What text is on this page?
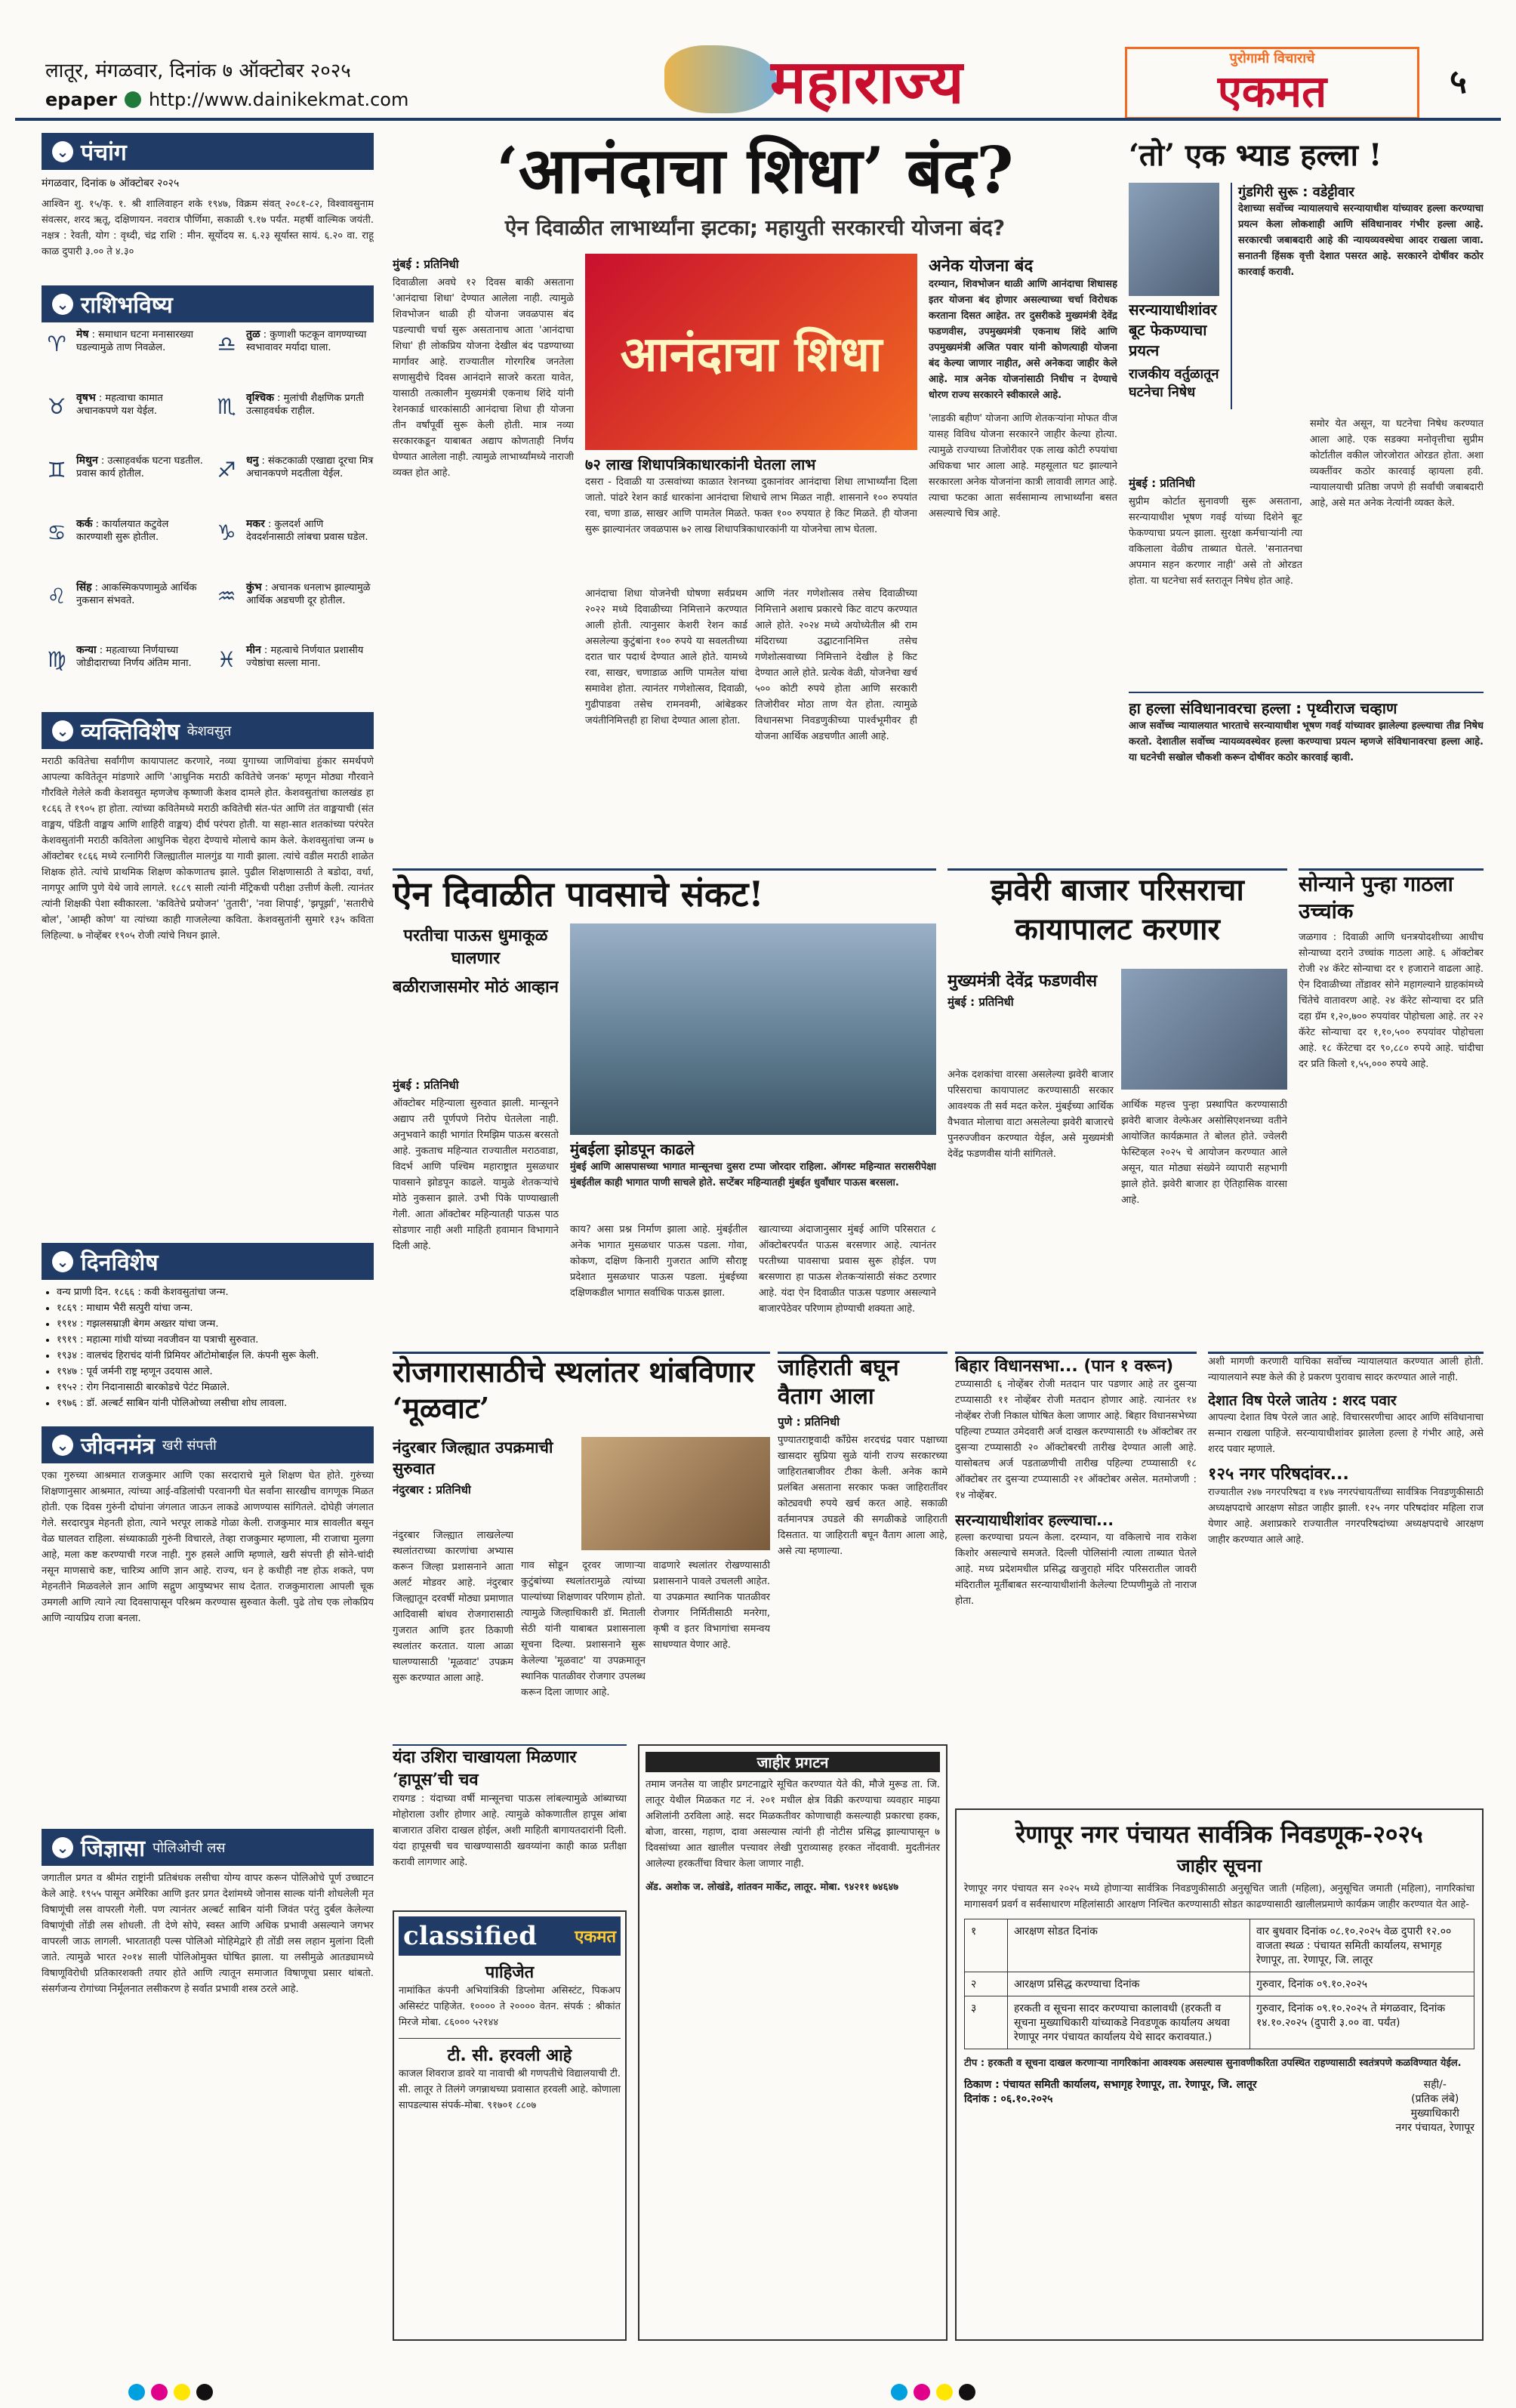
लातूर, मंगळवार, दिनांक ७ ऑक्टोबर २०२५
epaper http://www.dainikekmat.com	महाराज्य	पुरोगामी विचाराचे
एकमत	५
⌄ पंचांग
मंगळवार, दिनांक ७ ऑक्टोबर २०२५
आश्विन शु. १५/कृ. १. श्री शालिवाहन शके १९४७, विक्रम संवत् २०८१-८२, विश्वावसुनाम संवत्सर, शरद ऋतू, दक्षिणायन. नवरात्र पौर्णिमा, सकाळी ९.१७ पर्यंत. महर्षी वाल्मिक जयंती. नक्षत्र : रेवती, योग : वृध्दी, चंद्र राशि : मीन. सूर्योदय स. ६.२३ सूर्यास्त सायं. ६.२० वा. राहू काळ दुपारी ३.०० ते ४.३०
⌄ राशिभविष्य
♈ मेष : समाधान घटना मनासारख्या घडल्यामुळे ताण निवळेल.	♎ तुळ : कुणाशी फटकून वागण्याच्या स्वभावावर मर्यादा घाला.
♉ वृषभ : महत्वाचा कामात अचानकपणे यश येईल.	♏ वृश्चिक : मुलांची शैक्षणिक प्रगती उत्साहवर्धक राहील.
♊ मिथुन : उत्साहवर्धक घटना घडतील. प्रवास कार्य होतील.	♐ धनु : संकटकाळी एखाद्या दूरचा मित्र अचानकपणे मदतीला येईल.
♋ कर्क : कार्यालयात कटुवेल कारण्याशी सुरू होतील.	♑ मकर : कुलदर्श आणि देवदर्शनासाठी लांबचा प्रवास घडेल.
♌ सिंह : आकस्मिकपणामुळे आर्थिक नुकसान संभवते.	♒ कुंभ : अचानक धनलाभ झाल्यामुळे आर्थिक अडचणी दूर होतील.
♍ कन्या : महत्वाच्या निर्णयाच्या जोडीदाराच्या निर्णय अंतिम माना.	♓ मीन : महत्वाचे निर्णयात प्रशासीय ज्येष्ठांचा सल्ला माना.
⌄ व्यक्तिविशेष केशवसुत
मराठी कवितेचा सर्वांगीण कायापालट करणारे, नव्या युगाच्या जाणिवांचा हुंकार समर्थपणे आपल्या कवितेतून मांडणारे आणि 'आधुनिक मराठी कवितेचे जनक' म्हणून मोठ्या गौरवाने गौरविले गेलेले कवी केशवसुत म्हणजेच कृष्णाजी केशव दामले होत. केशवसुतांचा कालखंड हा १८६६ ते १९०५ हा होता. त्यांच्या कवितेमध्ये मराठी कवितेची संत-पंत आणि तंत वाङ्मयाची (संत वाङ्मय, पंडिती वाङ्मय आणि शाहिरी वाङ्मय) दीर्घ परंपरा होती. या सहा-सात शतकांच्या परंपरेत केशवसुतांनी मराठी कवितेला आधुनिक चेहरा देण्याचे मोलाचे काम केले. केशवसुतांचा जन्म ७ ऑक्टोबर १८६६ मध्ये रत्नागिरी जिल्ह्यातील मालगुंड या गावी झाला. त्यांचे वडील मराठी शाळेत शिक्षक होते. त्यांचे प्राथमिक शिक्षण कोकणातच झाले. पुढील शिक्षणासाठी ते बडोदा, वर्धा, नागपूर आणि पुणे येथे जावे लागले. १८८९ साली त्यांनी मॅट्रिकची परीक्षा उत्तीर्ण केली. त्यानंतर त्यांनी शिक्षकी पेशा स्वीकारला. 'कवितेचे प्रयोजन' 'तुतारी', 'नवा शिपाई', 'झपूर्झा', 'सतारीचे बोल', 'आम्ही कोण' या त्यांच्या काही गाजलेल्या कविता. केशवसुतांनी सुमारे १३५ कविता लिहिल्या. ७ नोव्हेंबर १९०५ रोजी त्यांचे निधन झाले.
⌄ दिनविशेष
• वन्य प्राणी दिन. १८६६ : कवी केशवसुतांचा जन्म.
• १८६९ : माधाम भैरी सत्पुरी यांचा जन्म.
• १९१४ : गझलसम्राज्ञी बेगम अख्तर यांचा जन्म.
• १९१९ : महात्मा गांधी यांच्या नवजीवन या पत्राची सुरुवात.
• १९३४ : वालचंद हिराचंद यांनी प्रिमियर ऑटोमोबाईल लि. कंपनी सुरू केली.
• १९४७ : पूर्व जर्मनी राष्ट्र म्हणून उदयास आले.
• १९५२ : रोग निदानासाठी बारकोडचे पेटंट मिळाले.
• १९७६ : डॉ. अल्बर्ट साबिन यांनी पोलिओच्या लसीचा शोध लावला.
⌄ जीवनमंत्र खरी संपत्ती
एका गुरुच्या आश्रमात राजकुमार आणि एका सरदाराचे मुले शिक्षण घेत होते. गुरुंच्या शिक्षणानुसार आश्रमात, त्यांच्या आई-वडिलांची परवानगी घेत सर्वांना सारखीच वागणूक मिळत होती. एक दिवस गुरुंनी दोघांना जंगलात जाऊन लाकडे आणण्यास सांगितले. दोघेही जंगलात गेले. सरदारपुत्र मेहनती होता, त्याने भरपूर लाकडे गोळा केली. राजकुमार मात्र सावलीत बसून वेळ घालवत राहिला. संध्याकाळी गुरुंनी विचारले, तेव्हा राजकुमार म्हणाला, मी राजाचा मुलगा आहे, मला कष्ट करण्याची गरज नाही. गुरु हसले आणि म्हणाले, खरी संपत्ती ही सोने-चांदी नसून माणसाचे कष्ट, चारित्र्य आणि ज्ञान आहे. राज्य, धन हे कधीही नष्ट होऊ शकते, पण मेहनतीने मिळवलेले ज्ञान आणि सद्गुण आयुष्यभर साथ देतात. राजकुमाराला आपली चूक उमगली आणि त्याने त्या दिवसापासून परिश्रम करण्यास सुरुवात केली. पुढे तोच एक लोकप्रिय आणि न्यायप्रिय राजा बनला.
⌄ जिज्ञासा पोलिओची लस
जगातील प्रगत व श्रीमंत राष्ट्रांनी प्रतिबंधक लसीचा योग्य वापर करून पोलिओचे पूर्ण उच्चाटन केले आहे. १९५५ पासून अमेरिका आणि इतर प्रगत देशांमध्ये जोनास साल्क यांनी शोधलेली मृत विषाणूंची लस वापरली गेली. पण त्यानंतर अल्बर्ट साबिन यांनी जिवंत परंतु दुर्बल केलेल्या विषाणूंची तोंडी लस शोधली. ती देणे सोपे, स्वस्त आणि अधिक प्रभावी असल्याने जगभर वापरली जाऊ लागली. भारतातही पल्स पोलिओ मोहिमेद्वारे ही तोंडी लस लहान मुलांना दिली जाते. त्यामुळे भारत २०१४ साली पोलिओमुक्त घोषित झाला. या लसीमुळे आतड्यामध्ये विषाणूविरोधी प्रतिकारशक्ती तयार होते आणि त्यातून समाजात विषाणूचा प्रसार थांबतो. संसर्गजन्य रोगांच्या निर्मूलनात लसीकरण हे सर्वात प्रभावी शस्त्र ठरले आहे.
‘आनंदाचा शिधा’ बंद?
ऐन दिवाळीत लाभार्थ्यांना झटका; महायुती सरकारची योजना बंद?
मुंबई : प्रतिनिधी
दिवाळीला अवघे १२ दिवस बाकी असताना 'आनंदाचा शिधा' देण्यात आलेला नाही. त्यामुळे शिवभोजन थाळी ही योजना जवळपास बंद पडल्याची चर्चा सुरू असतानाच आता 'आनंदाचा शिधा' ही लोकप्रिय योजना देखील बंद पडण्याच्या मार्गावर आहे. राज्यातील गोरगरिब जनतेला सणासुदीचे दिवस आनंदाने साजरे करता यावेत, यासाठी तत्कालीन मुख्यमंत्री एकनाथ शिंदे यांनी रेशनकार्ड धारकांसाठी आनंदाचा शिधा ही योजना तीन वर्षांपूर्वी सुरू केली होती. मात्र नव्या सरकारकडून याबाबत अद्याप कोणताही निर्णय घेण्यात आलेला नाही. त्यामुळे लाभार्थ्यांमध्ये नाराजी व्यक्त होत आहे.
आनंदाचा शिधा
७२ लाख शिधापत्रिकाधारकांनी घेतला लाभ
दसरा - दिवाळी या उत्सवांच्या काळात रेशनच्या दुकानांवर आनंदाचा शिधा लाभार्थ्यांना दिला जातो. पांढरे रेशन कार्ड धारकांना आनंदाचा शिधाचे लाभ मिळत नाही. शासनाने १०० रुपयांत रवा, चणा डाळ, साखर आणि पामतेल मिळते. फक्त १०० रुपयात हे किट मिळते. ही योजना सुरू झाल्यानंतर जवळपास ७२ लाख शिधापत्रिकाधारकांनी या योजनेचा लाभ घेतला.
आनंदाचा शिधा योजनेची घोषणा सर्वप्रथम २०२२ मध्ये दिवाळीच्या निमित्ताने करण्यात आली होती. त्यानुसार केशरी रेशन कार्ड असलेल्या कुटुंबांना १०० रुपये या सवलतीच्या दरात चार पदार्थ देण्यात आले होते. यामध्ये रवा, साखर, चणाडाळ आणि पामतेल यांचा समावेश होता. त्यानंतर गणेशोत्सव, दिवाळी, गुढीपाडवा तसेच रामनवमी, आंबेडकर जयंतीनिमित्तही हा शिधा देण्यात आला होता.
आणि नंतर गणेशोत्सव तसेच दिवाळीच्या निमित्ताने अशाच प्रकारचे किट वाटप करण्यात आले होते. २०२४ मध्ये अयोध्येतील श्री राम मंदिराच्या उद्घाटनानिमित्त तसेच गणेशोत्सवाच्या निमित्ताने देखील हे किट देण्यात आले होते. प्रत्येक वेळी, योजनेचा खर्च ५०० कोटी रुपये होता आणि सरकारी तिजोरीवर मोठा ताण येत होता. त्यामुळे विधानसभा निवडणुकीच्या पार्श्वभूमीवर ही योजना आर्थिक अडचणीत आली आहे.
अनेक योजना बंद
दरम्यान, शिवभोजन थाळी आणि आनंदाचा शिधासह इतर योजना बंद होणार असल्याच्या चर्चा विरोधक करताना दिसत आहेत. तर दुसरीकडे मुख्यमंत्री देवेंद्र फडणवीस, उपमुख्यमंत्री एकनाथ शिंदे आणि उपमुख्यमंत्री अजित पवार यांनी कोणत्याही योजना बंद केल्या जाणार नाहीत, असे अनेकदा जाहीर केले आहे. मात्र अनेक योजनांसाठी निधीच न देण्याचे धोरण राज्य सरकारने स्वीकारले आहे.
'लाडकी बहीण' योजना आणि शेतकऱ्यांना मोफत वीज यासह विविध योजना सरकारने जाहीर केल्या होत्या. त्यामुळे राज्याच्या तिजोरीवर एक लाख कोटी रुपयांचा अधिकचा भार आला आहे. महसूलात घट झाल्याने सरकारला अनेक योजनांना कात्री लावावी लागत आहे. त्याचा फटका आता सर्वसामान्य लाभार्थ्यांना बसत असल्याचे चित्र आहे.
‘तो’ एक भ्याड हल्ला !
गुंडगिरी सुरू : वडेट्टीवार
देशाच्या सर्वोच्च न्यायालयाचे सरन्यायाधीश यांच्यावर हल्ला करण्याचा प्रयत्न केला लोकशाही आणि संविधानावर गंभीर हल्ला आहे. सरकारची जबाबदारी आहे की न्यायव्यवस्थेचा आदर राखला जावा. सनातनी हिंसक वृत्ती देशात पसरत आहे. सरकारने दोषींवर कठोर कारवाई करावी.
सरन्यायाधीशांवर बूट फेकण्याचा प्रयत्न
राजकीय वर्तुळातून घटनेचा निषेध
मुंबई : प्रतिनिधी
सुप्रीम कोर्टात सुनावणी सुरू असताना, सरन्यायाधीश भूषण गवई यांच्या दिशेने बूट फेकण्याचा प्रयत्न झाला. सुरक्षा कर्मचाऱ्यांनी त्या वकिलाला वेळीच ताब्यात घेतले. 'सनातनचा अपमान सहन करणार नाही' असे तो ओरडत होता. या घटनेचा सर्व स्तरातून निषेध होत आहे.
समोर येत असून, या घटनेचा निषेध करण्यात आला आहे. एक सडक्या मनोवृत्तीचा सुप्रीम कोर्टातील वकील जोरजोरात ओरडत होता. अशा व्यक्तींवर कठोर कारवाई व्हायला हवी. न्यायालयाची प्रतिष्ठा जपणे ही सर्वांची जबाबदारी आहे, असे मत अनेक नेत्यांनी व्यक्त केले.
हा हल्ला संविधानावरचा हल्ला : पृथ्वीराज चव्हाण
आज सर्वोच्च न्यायालयात भारताचे सरन्यायाधीश भूषण गवई यांच्यावर झालेल्या हल्ल्याचा तीव्र निषेध करतो. देशातील सर्वोच्च न्यायव्यवस्थेवर हल्ला करण्याचा प्रयत्न म्हणजे संविधानावरचा हल्ला आहे. या घटनेची सखोल चौकशी करून दोषींवर कठोर कारवाई व्हावी.
ऐन दिवाळीत पावसाचे संकट!
परतीचा पाऊस धुमाकूळ घालणार
बळीराजासमोर मोठं आव्हान
मुंबई : प्रतिनिधी
ऑक्टोबर महिन्याला सुरुवात झाली. मान्सूनने अद्याप तरी पूर्णपणे निरोप घेतलेला नाही. अनुभवाने काही भागांत रिमझिम पाऊस बरसतो आहे. नुकताच महिन्यात राज्यातील मराठवाडा, विदर्भ आणि पश्चिम महाराष्ट्रात मुसळधार पावसाने झोडपून काढले. यामुळे शेतकऱ्यांचे मोठे नुकसान झाले. उभी पिके पाण्याखाली गेली. आता ऑक्टोबर महिन्यातही पाऊस पाठ सोडणार नाही अशी माहिती हवामान विभागाने दिली आहे.
मुंबईला झोडपून काढले
मुंबई आणि आसपासच्या भागात मान्सूनचा दुसरा टप्पा जोरदार राहिला. ऑगस्ट महिन्यात सरासरीपेक्षा मुंबईतील काही भागात पाणी साचले होते. सप्टेंबर महिन्यातही मुंबईत धुवाँधार पाऊस बरसला.
काय? असा प्रश्न निर्माण झाला आहे. मुंबईतील अनेक भागात मुसळधार पाऊस पडला. गोवा, कोकण, दक्षिण किनारी गुजरात आणि सौराष्ट्र प्रदेशात मुसळधार पाऊस पडला. मुंबईच्या दक्षिणकडील भागात सर्वाधिक पाऊस झाला.
खात्याच्या अंदाजानुसार मुंबई आणि परिसरात ८ ऑक्टोबरपर्यंत पाऊस बरसणार आहे. त्यानंतर परतीच्या पावसाचा प्रवास सुरू होईल. पण बरसणारा हा पाऊस शेतकऱ्यांसाठी संकट ठरणार आहे. यंदा ऐन दिवाळीत पाऊस पडणार असल्याने बाजारपेठेवर परिणाम होण्याची शक्यता आहे.
झवेरी बाजार परिसराचा कायापालट करणार
मुख्यमंत्री देवेंद्र फडणवीस
मुंबई : प्रतिनिधी
अनेक दशकांचा वारसा असलेल्या झवेरी बाजार परिसराचा कायापालट करण्यासाठी सरकार आवश्यक ती सर्व मदत करेल. मुंबईच्या आर्थिक वैभवात मोलाचा वाटा असलेल्या झवेरी बाजारचे पुनरुज्जीवन करण्यात येईल, असे मुख्यमंत्री देवेंद्र फडणवीस यांनी सांगितले.
आर्थिक महत्त्व पुन्हा प्रस्थापित करण्यासाठी झवेरी बाजार वेल्फेअर असोसिएशनच्या वतीने आयोजित कार्यक्रमात ते बोलत होते. ज्वेलरी फेस्टिव्हल २०२५ चे आयोजन करण्यात आले असून, यात मोठ्या संख्येने व्यापारी सहभागी झाले होते. झवेरी बाजार हा ऐतिहासिक वारसा आहे.
सोन्याने पुन्हा गाठला उच्चांक
जळगाव : दिवाळी आणि धनत्रयोदशीच्या आधीच सोन्याच्या दराने उच्चांक गाठला आहे. ६ ऑक्टोबर रोजी २४ कॅरेट सोन्याचा दर १ हजाराने वाढला आहे. ऐन दिवाळीच्या तोंडावर सोने महागल्याने ग्राहकांमध्ये चिंतेचे वातावरण आहे. २४ कॅरेट सोन्याचा दर प्रति दहा ग्रॅम १,२०,७०० रुपयांवर पोहोचला आहे. तर २२ कॅरेट सोन्याचा दर १,१०,५०० रुपयांवर पोहोचला आहे. १८ कॅरेटचा दर ९०,८८० रुपये आहे. चांदीचा दर प्रति किलो १,५५,००० रुपये आहे.
रोजगारासाठीचे स्थलांतर थांबविणार ‘मूळवाट’
नंदुरबार जिल्ह्यात उपक्रमाची सुरुवात
नंदुरबार : प्रतिनिधी
नंदुरबार जिल्ह्यात लाखलेल्या स्थलांतराच्या कारणांचा अभ्यास करून जिल्हा प्रशासनाने आता अलर्ट मोडवर आहे. नंदुरबार जिल्ह्यातून दरवर्षी मोठ्या प्रमाणात आदिवासी बांधव रोजगारासाठी गुजरात आणि इतर ठिकाणी स्थलांतर करतात. याला आळा घालण्यासाठी 'मूळवाट' उपक्रम सुरू करण्यात आला आहे.
गाव सोडून दूरवर जाणाऱ्या कुटुंबांच्या स्थलांतरामुळे त्यांच्या पाल्यांच्या शिक्षणावर परिणाम होतो. त्यामुळे जिल्हाधिकारी डॉ. मिताली सेठी यांनी याबाबत प्रशासनाला सूचना दिल्या. प्रशासनाने सुरू केलेल्या 'मूळवाट' या उपक्रमातून स्थानिक पातळीवर रोजगार उपलब्ध करून दिला जाणार आहे.
वाढणारे स्थलांतर रोखण्यासाठी प्रशासनाने पावले उचलली आहेत. या उपक्रमात स्थानिक पातळीवर रोजगार निर्मितीसाठी मनरेगा, कृषी व इतर विभागांचा समन्वय साधण्यात येणार आहे.
जाहिराती बघून वैताग आला
पुणे : प्रतिनिधी
पुण्यातराष्ट्रवादी काँग्रेस शरदचंद्र पवार पक्षाच्या खासदार सुप्रिया सुळे यांनी राज्य सरकारच्या जाहिरातबाजीवर टीका केली. अनेक कामे प्रलंबित असताना सरकार फक्त जाहिरातींवर कोट्यवधी रुपये खर्च करत आहे. सकाळी वर्तमानपत्र उघडले की सगळीकडे जाहिराती दिसतात. या जाहिराती बघून वैताग आला आहे, असे त्या म्हणाल्या.
बिहार विधानसभा... (पान १ वरून)
टप्प्यासाठी ६ नोव्हेंबर रोजी मतदान पार पडणार आहे तर दुसऱ्या टप्प्यासाठी ११ नोव्हेंबर रोजी मतदान होणार आहे. त्यानंतर १४ नोव्हेंबर रोजी निकाल घोषित केला जाणार आहे. बिहार विधानसभेच्या पहिल्या टप्प्यात उमेदवारी अर्ज दाखल करण्यासाठी १७ ऑक्टोबर तर दुसऱ्या टप्प्यासाठी २० ऑक्टोबरची तारीख देण्यात आली आहे. यासोबतच अर्ज पडताळणीची तारीख पहिल्या टप्प्यासाठी १८ ऑक्टोबर तर दुसऱ्या टप्प्यासाठी २१ ऑक्टोबर असेल. मतमोजणी : १४ नोव्हेंबर.
सरन्यायाधीशांवर हल्ल्याचा...
हल्ला करण्याचा प्रयत्न केला. दरम्यान, या वकिलाचे नाव राकेश किशोर असल्याचे समजते. दिल्ली पोलिसांनी त्याला ताब्यात घेतले आहे. मध्य प्रदेशमधील प्रसिद्ध खजुराहो मंदिर परिसरातील जावरी मंदिरातील मूर्तीबाबत सरन्यायाधीशांनी केलेल्या टिप्पणीमुळे तो नाराज होता.
अशी मागणी करणारी याचिका सर्वोच्च न्यायालयात करण्यात आली होती. न्यायालयाने स्पष्ट केले की हे प्रकरण पुरावाच सादर करण्यात आले नाही.
देशात विष पेरले जातेय : शरद पवार
आपल्या देशात विष पेरले जात आहे. विचारसरणीचा आदर आणि संविधानाचा सन्मान राखला पाहिजे. सरन्यायाधीशांवर झालेला हल्ला हे गंभीर आहे, असे शरद पवार म्हणाले.
१२५ नगर परिषदांवर...
राज्यातील २४७ नगरपरिषदा व १४७ नगरपंचायतींच्या सार्वत्रिक निवडणुकीसाठी अध्यक्षपदाचे आरक्षण सोडत जाहीर झाली. १२५ नगर परिषदांवर महिला राज येणार आहे. अशाप्रकारे राज्यातील नगरपरिषदांच्या अध्यक्षपदाचे आरक्षण जाहीर करण्यात आले आहे.
यंदा उशिरा चाखायला मिळणार ‘हापूस’ची चव
रायगड : यंदाच्या वर्षी मान्सूनचा पाऊस लांबल्यामुळे आंब्याच्या मोहोराला उशीर होणार आहे. त्यामुळे कोकणातील हापूस आंबा बाजारात उशिरा दाखल होईल, अशी माहिती बागायतदारांनी दिली. यंदा हापूसची चव चाखण्यासाठी खवय्यांना काही काळ प्रतीक्षा करावी लागणार आहे.
classified एकमत
पाहिजेत
नामांकित कंपनी अभियांत्रिकी डिप्लोमा असिस्टंट, पिकअप असिस्टंट पाहिजेत. १०००० ते २०००० वेतन. संपर्क : श्रीकांत मिरजे मोबा. ८६००० ५२१४४
टी. सी. हरवली आहे
काजल शिवराज डावरे या नावाची श्री गणपतीचे विद्यालयाची टी. सी. लातूर ते तिलंगे जगन्नाथच्या प्रवासात हरवली आहे. कोणाला सापडल्यास संपर्क-मोबा. ९१७०१ ८८०७
जाहीर प्रगटन
तमाम जनतेस या जाहीर प्रगटनाद्वारे सूचित करण्यात येते की, मौजे मुरूड ता. जि. लातूर येथील मिळकत गट नं. २०१ मधील क्षेत्र विक्री करण्याचा व्यवहार माझ्या अशिलांनी ठरविला आहे. सदर मिळकतीवर कोणाचाही कसल्याही प्रकारचा हक्क, बोजा, वारसा, गहाण, दावा असल्यास त्यांनी ही नोटीस प्रसिद्ध झाल्यापासून ७ दिवसांच्या आत खालील पत्त्यावर लेखी पुराव्यासह हरकत नोंदवावी. मुदतीनंतर आलेल्या हरकतींचा विचार केला जाणार नाही.
अ‍ॅड. अशोक ज. लोखंडे, शांतवन मार्केट, लातूर. मोबा. ९४२११ ७४६४७
रेणापूर नगर पंचायत सार्वत्रिक निवडणूक-२०२५
जाहीर सूचना
रेणापूर नगर पंचायत सन २०२५ मध्ये होणाऱ्या सार्वत्रिक निवडणुकीसाठी अनुसूचित जाती (महिला), अनुसूचित जमाती (महिला), नागरिकांचा मागासवर्ग प्रवर्ग व सर्वसाधारण महिलांसाठी आरक्षण निश्चित करण्यासाठी सोडत काढण्यासाठी खालीलप्रमाणे कार्यक्रम जाहीर करण्यात येत आहे-
१	आरक्षण सोडत दिनांक	वार बुधवार दिनांक ०८.१०.२०२५ वेळ दुपारी १२.०० वाजता स्थळ : पंचायत समिती कार्यालय, सभागृह रेणापूर, ता. रेणापूर, जि. लातूर
२	आरक्षण प्रसिद्ध करण्याचा दिनांक	गुरुवार, दिनांक ०९.१०.२०२५
३	हरकती व सूचना सादर करण्याचा कालावधी (हरकती व सूचना मुख्याधिकारी यांच्याकडे निवडणूक कार्यालय अथवा रेणापूर नगर पंचायत कार्यालय येथे सादर करावयात.)	गुरुवार, दिनांक ०९.१०.२०२५ ते मंगळवार, दिनांक १४.१०.२०२५ (दुपारी ३.०० वा. पर्यंत)
टीप : हरकती व सूचना दाखल करणाऱ्या नागरिकांना आवश्यक असल्यास सुनावणीकरिता उपस्थित राहण्यासाठी स्वतंत्रपणे कळविण्यात येईल.
ठिकाण : पंचायत समिती कार्यालय, सभागृह रेणापूर, ता. रेणापूर, जि. लातूर
दिनांक : ०६.१०.२०२५
सही/-
(प्रतिक लंबे)
मुख्याधिकारी
नगर पंचायत, रेणापूर
